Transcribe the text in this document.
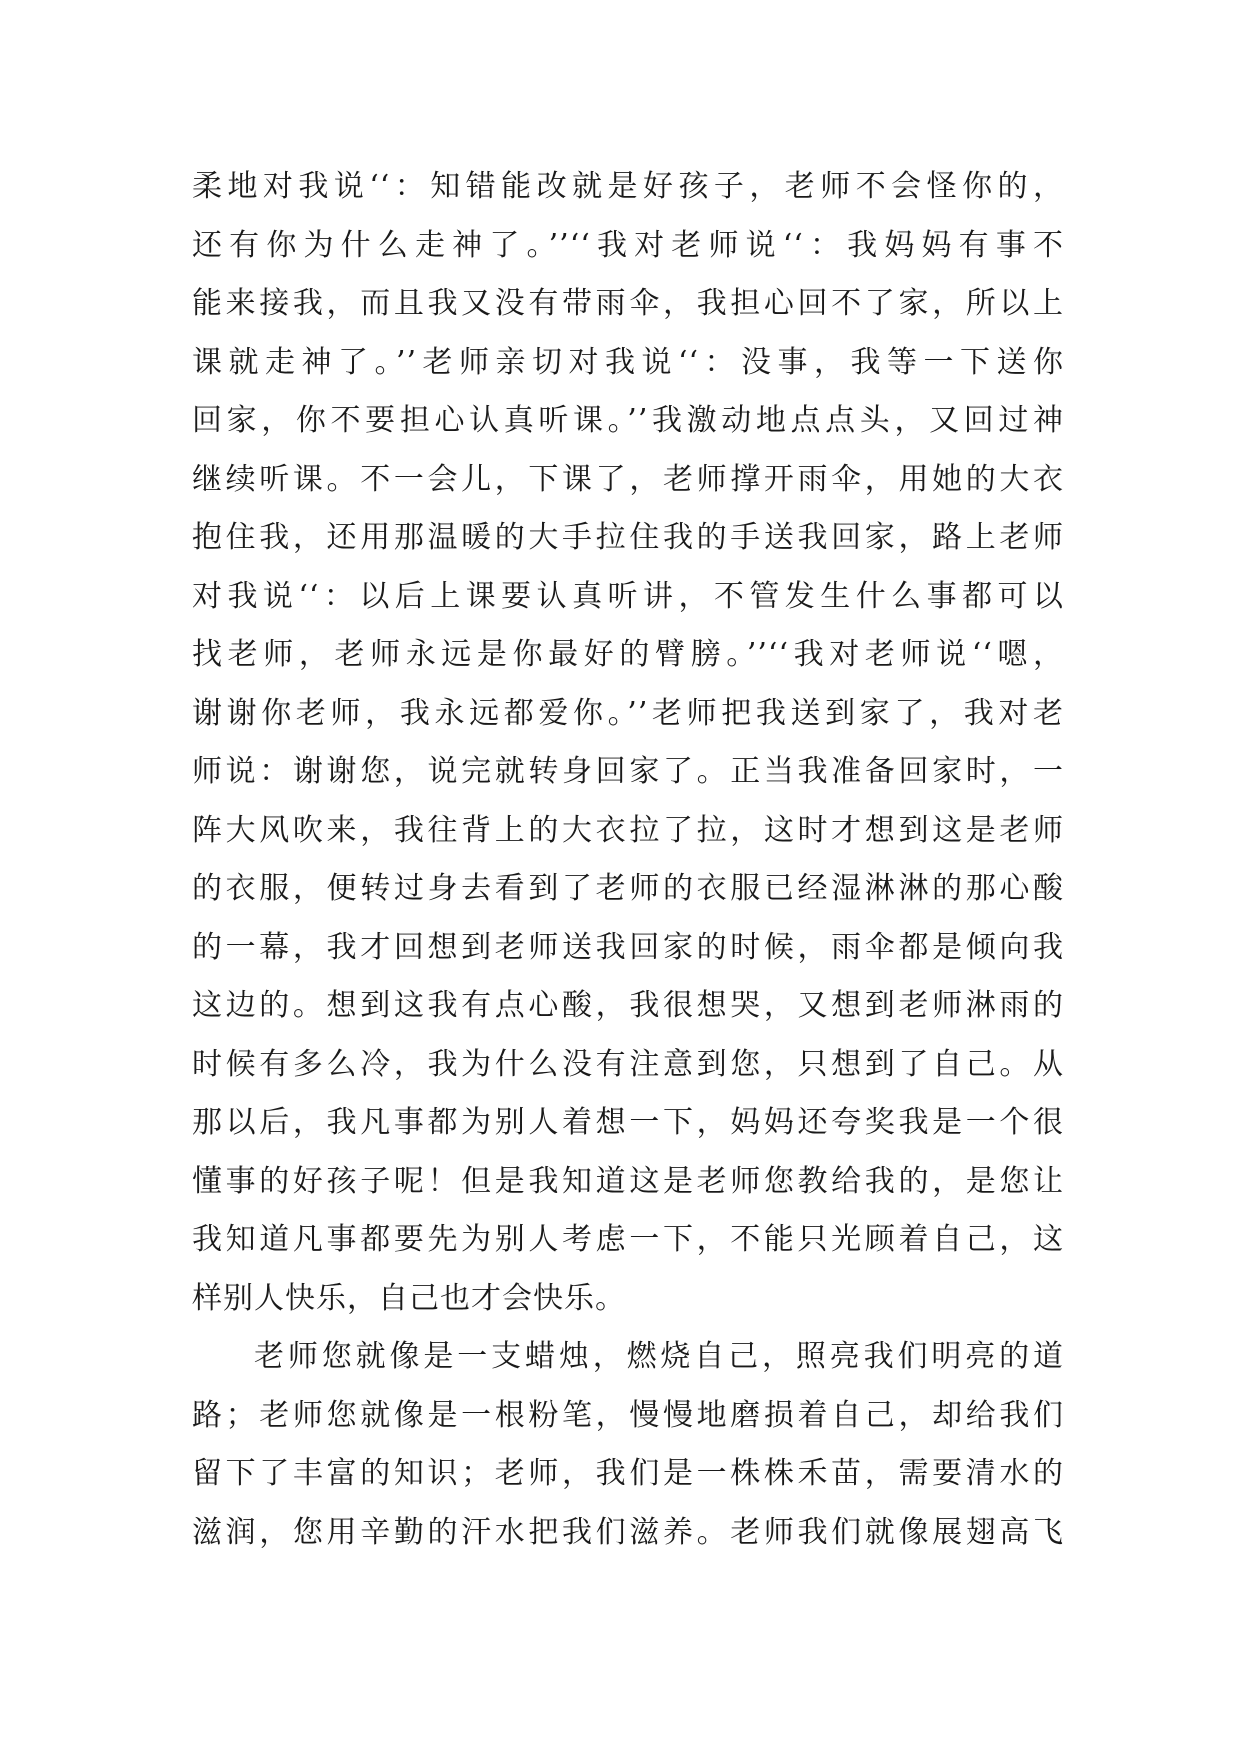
柔地对我说‘‘：知错能改就是好孩子，老师不会怪你的，
还有你为什么走神了。’’‘‘我对老师说‘‘：我妈妈有事不
能来接我，而且我又没有带雨伞，我担心回不了家，所以上
课就走神了。’’老师亲切对我说‘‘：没事，我等一下送你
回家，你不要担心认真听课。’’我激动地点点头，又回过神
继续听课。不一会儿，下课了，老师撑开雨伞，用她的大衣
抱住我，还用那温暖的大手拉住我的手送我回家，路上老师
对我说‘‘：以后上课要认真听讲，不管发生什么事都可以
找老师，老师永远是你最好的臂膀。’’‘‘我对老师说‘‘嗯，
谢谢你老师，我永远都爱你。’’老师把我送到家了，我对老
师说：谢谢您，说完就转身回家了。正当我准备回家时，一
阵大风吹来，我往背上的大衣拉了拉，这时才想到这是老师
的衣服，便转过身去看到了老师的衣服已经湿淋淋的那心酸
的一幕，我才回想到老师送我回家的时候，雨伞都是倾向我
这边的。想到这我有点心酸，我很想哭，又想到老师淋雨的
时候有多么冷，我为什么没有注意到您，只想到了自己。从
那以后，我凡事都为别人着想一下，妈妈还夸奖我是一个很
懂事的好孩子呢！但是我知道这是老师您教给我的，是您让
我知道凡事都要先为别人考虑一下，不能只光顾着自己，这
样别人快乐，自己也才会快乐。
老师您就像是一支蜡烛，燃烧自己，照亮我们明亮的道
路；老师您就像是一根粉笔，慢慢地磨损着自己，却给我们
留下了丰富的知识；老师，我们是一株株禾苗，需要清水的
滋润，您用辛勤的汗水把我们滋养。老师我们就像展翅高飞
